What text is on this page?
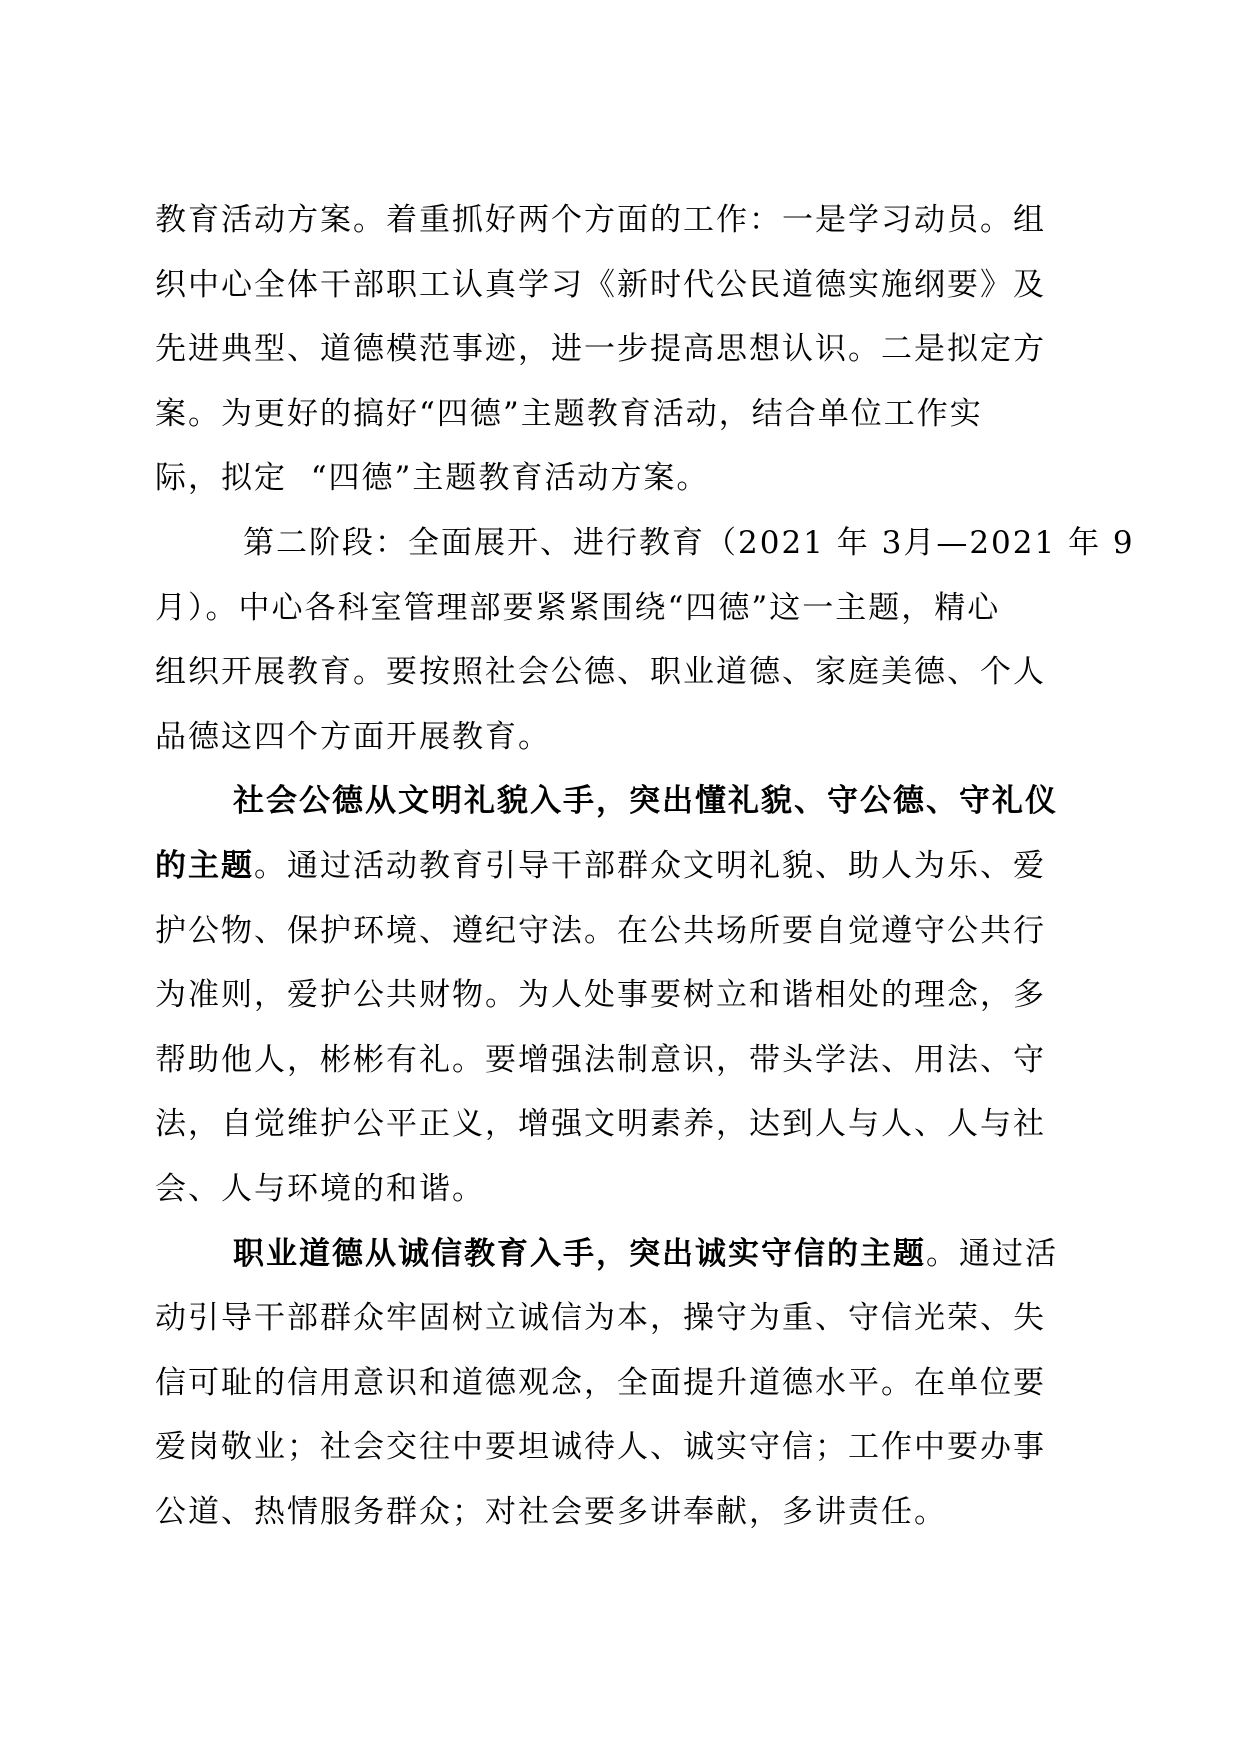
教育活动方案。着重抓好两个方面的工作：一是学习动员。组
织中心全体干部职工认真学习《新时代公民道德实施纲要》及
先进典型、道德模范事迹，进一步提高思想认识。二是拟定方
案。为更好的搞好“四德”主题教育活动，结合单位工作实
际，拟定  “四德”主题教育活动方案。
第二阶段：全面展开、进行教育（2021 年 3月—2021 年 9
月）。中心各科室管理部要紧紧围绕“四德”这一主题，精心
组织开展教育。要按照社会公德、职业道德、家庭美德、个人
品德这四个方面开展教育。
社会公德从文明礼貌入手，突出懂礼貌、守公德、守礼仪
的主题。通过活动教育引导干部群众文明礼貌、助人为乐、爱
护公物、保护环境、遵纪守法。在公共场所要自觉遵守公共行
为准则，爱护公共财物。为人处事要树立和谐相处的理念，多
帮助他人，彬彬有礼。要增强法制意识，带头学法、用法、守
法，自觉维护公平正义，增强文明素养，达到人与人、人与社
会、人与环境的和谐。
职业道德从诚信教育入手，突出诚实守信的主题。通过活
动引导干部群众牢固树立诚信为本，操守为重、守信光荣、失
信可耻的信用意识和道德观念，全面提升道德水平。在单位要
爱岗敬业；社会交往中要坦诚待人、诚实守信；工作中要办事
公道、热情服务群众；对社会要多讲奉献，多讲责任。
